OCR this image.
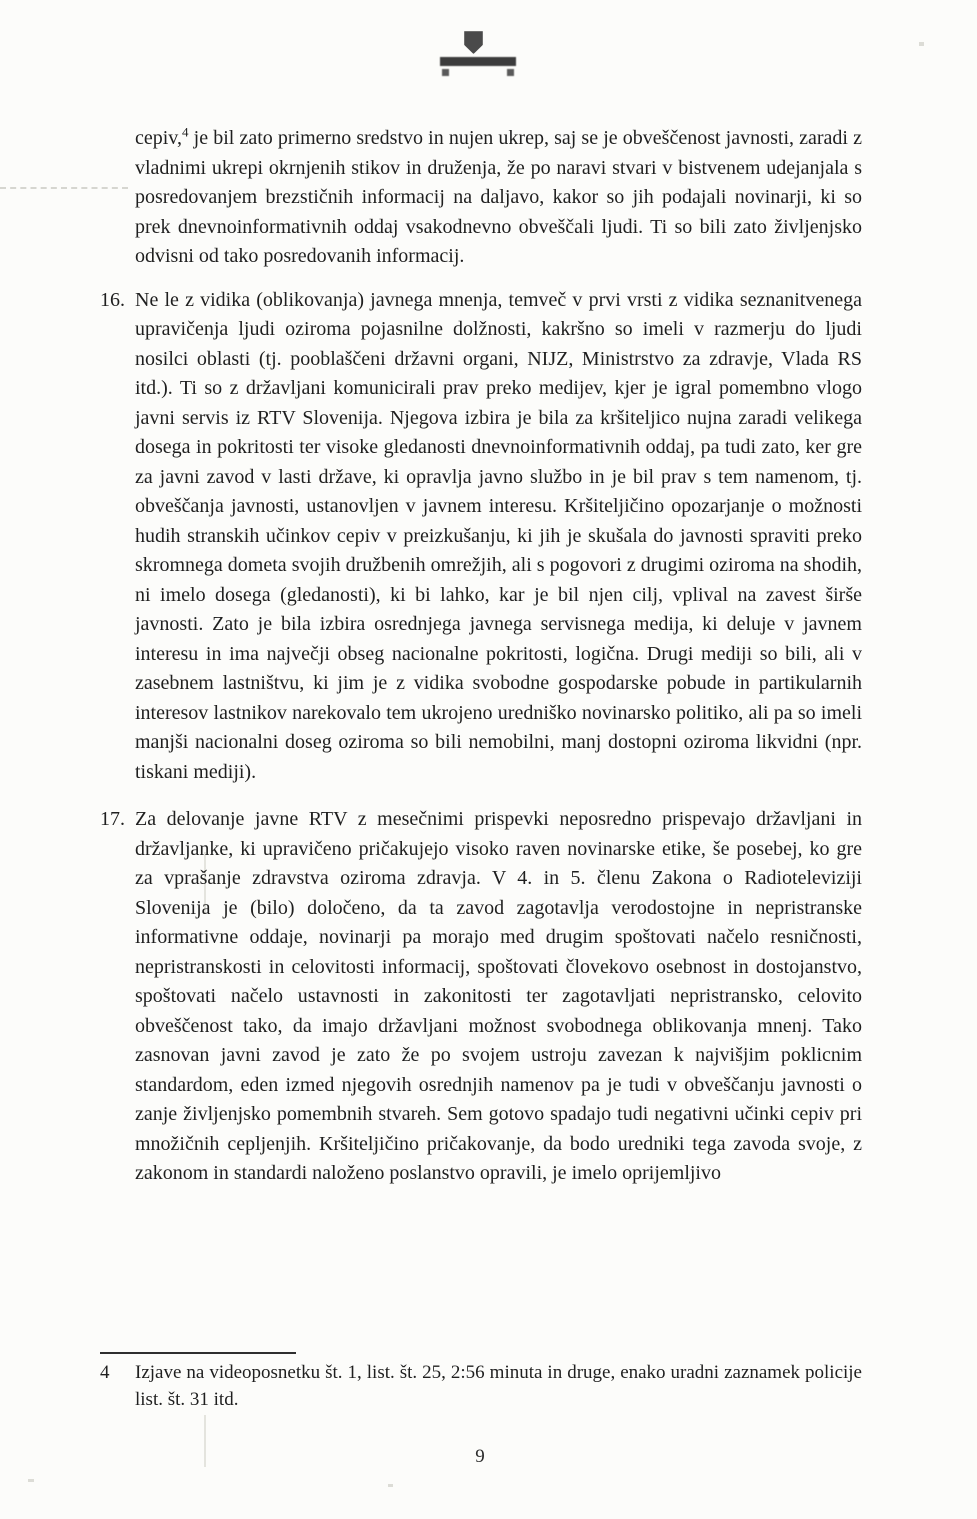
cepiv,$^4$ je bil zato primerno sredstvo in nujen ukrep, saj se je obveščenost javnosti, zaradi z vladnimi ukrepi okrnjenih stikov in druženja, že po naravi stvari v bistvenem udejanjala s posredovanjem brezstičnih informacij na daljavo, kakor so jih podajali novinarji, ki so prek dnevnoinformativnih oddaj vsakodnevno obveščali ljudi. Ti so bili zato življenjsko odvisni od tako posredovanih informacij.

16. Ne le z vidika (oblikovanja) javnega mnenja, temveč v prvi vrsti z vidika seznanitvenega upravičenja ljudi oziroma pojasnilne dolžnosti, kakršno so imeli v razmerju do ljudi nosilci oblasti (tj. pooblaščeni državni organi, NIJZ, Ministrstvo za zdravje, Vlada RS itd.). Ti so z državljani komunicirali prav preko medijev, kjer je igral pomembno vlogo javni servis iz RTV Slovenija. Njegova izbira je bila za kršiteljico nujna zaradi velikega dosega in pokritosti ter visoke gledanosti dnevnoinformativnih oddaj, pa tudi zato, ker gre za javni zavod v lasti države, ki opravlja javno službo in je bil prav s tem namenom, tj. obveščanja javnosti, ustanovljen v javnem interesu. Kršiteljičino opozarjanje o možnosti hudih stranskih učinkov cepiv v preizkušanju, ki jih je skušala do javnosti spraviti preko skromnega dometa svojih družbenih omrežjih, ali s pogovori z drugimi oziroma na shodih, ni imelo dosega (gledanosti), ki bi lahko, kar je bil njen cilj, vplival na zavest širše javnosti. Zato je bila izbira osrednjega javnega servisnega medija, ki deluje v javnem interesu in ima največji obseg nacionalne pokritosti, logična. Drugi mediji so bili, ali v zasebnem lastništvu, ki jim je z vidika svobodne gospodarske pobude in partikularnih interesov lastnikov narekovalo tem ukrojeno uredniško novinarsko politiko, ali pa so imeli manjši nacionalni doseg oziroma so bili nemobilni, manj dostopni oziroma likvidni (npr. tiskani mediji).
17. Za delovanje javne RTV z mesečnimi prispevki neposredno prispevajo državljani in državljanke, ki upravičeno pričakujejo visoko raven novinarske etike, še posebej, ko gre za vprašanje zdravstva oziroma zdravja. V 4. in 5. členu Zakona o Radioteleviziji Slovenija je (bilo) določeno, da ta zavod zagotavlja verodostojne in nepristranske informativne oddaje, novinarji pa morajo med drugim spoštovati načelo resničnosti, nepristranskosti in celovitosti informacij, spoštovati človekovo osebnost in dostojanstvo, spoštovati načelo ustavnosti in zakonitosti ter zagotavljati nepristransko, celovito obveščenost tako, da imajo državljani možnost svobodnega oblikovanja mnenj. Tako zasnovan javni zavod je zato že po svojem ustroju zavezan k najvišjim poklicnim standardom, eden izmed njegovih osrednjih namenov pa je tudi v obveščanju javnosti o zanje življenjsko pomembnih stvareh. Sem gotovo spadajo tudi negativni učinki cepiv pri množičnih cepljenjih. Kršiteljičino pričakovanje, da bodo uredniki tega zavoda svoje, z zakonom in standardi naloženo poslanstvo opravili, je imelo oprijemljivo
4	Izjave na videoposnetku št. 1, list. št. 25, 2:56 minuta in druge, enako uradni zaznamek policije list. št. 31 itd.
9
